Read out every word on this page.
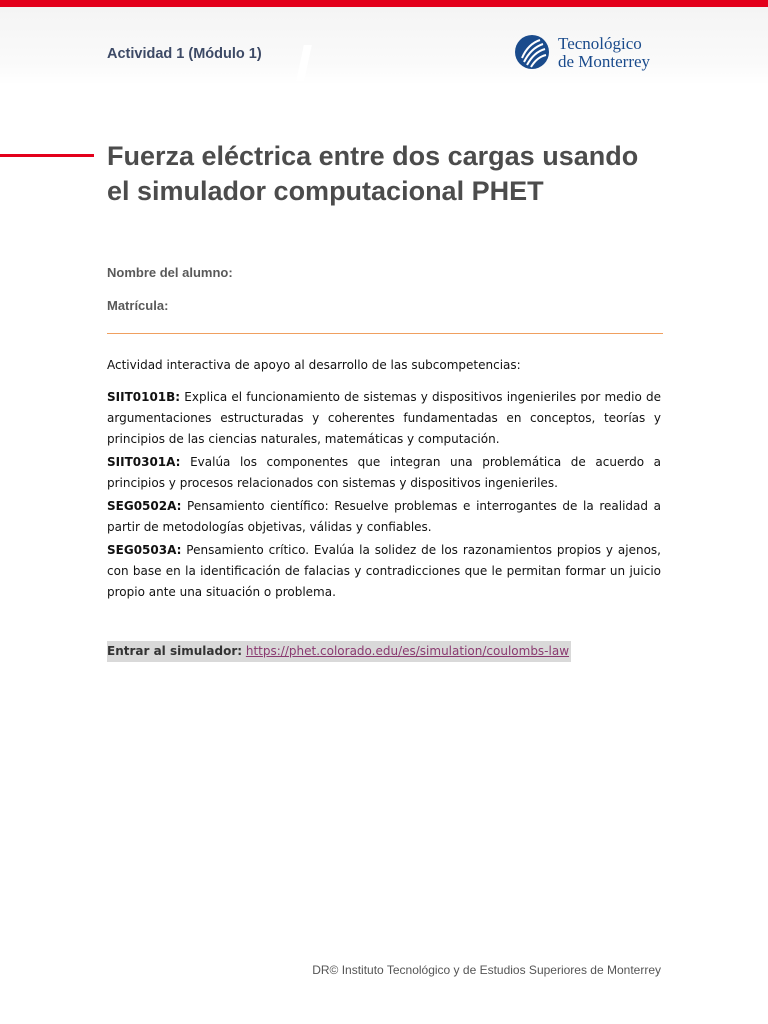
Actividad 1 (Módulo 1)
Tecnológico
de Monterrey
Fuerza eléctrica entre dos cargas usando
el simulador computacional PHET
Nombre del alumno:
Matrícula:
Actividad interactiva de apoyo al desarrollo de las subcompetencias:

SIIT0101B: Explica el funcionamiento de sistemas y dispositivos ingenieriles por medio de argumentaciones estructuradas y coherentes fundamentadas en conceptos, teorías y principios de las ciencias naturales, matemáticas y computación.

SIIT0301A: Evalúa los componentes que integran una problemática de acuerdo a principios y procesos relacionados con sistemas y dispositivos ingenieriles.

SEG0502A: Pensamiento científico: Resuelve problemas e interrogantes de la realidad a partir de metodologías objetivas, válidas y confiables.

SEG0503A: Pensamiento crítico. Evalúa la solidez de los razonamientos propios y ajenos, con base en la identificación de falacias y contradicciones que le permitan formar un juicio propio ante una situación o problema.

Entrar al simulador: https://phet.colorado.edu/es/simulation/coulombs-law
DR© Instituto Tecnológico y de Estudios Superiores de Monterrey
